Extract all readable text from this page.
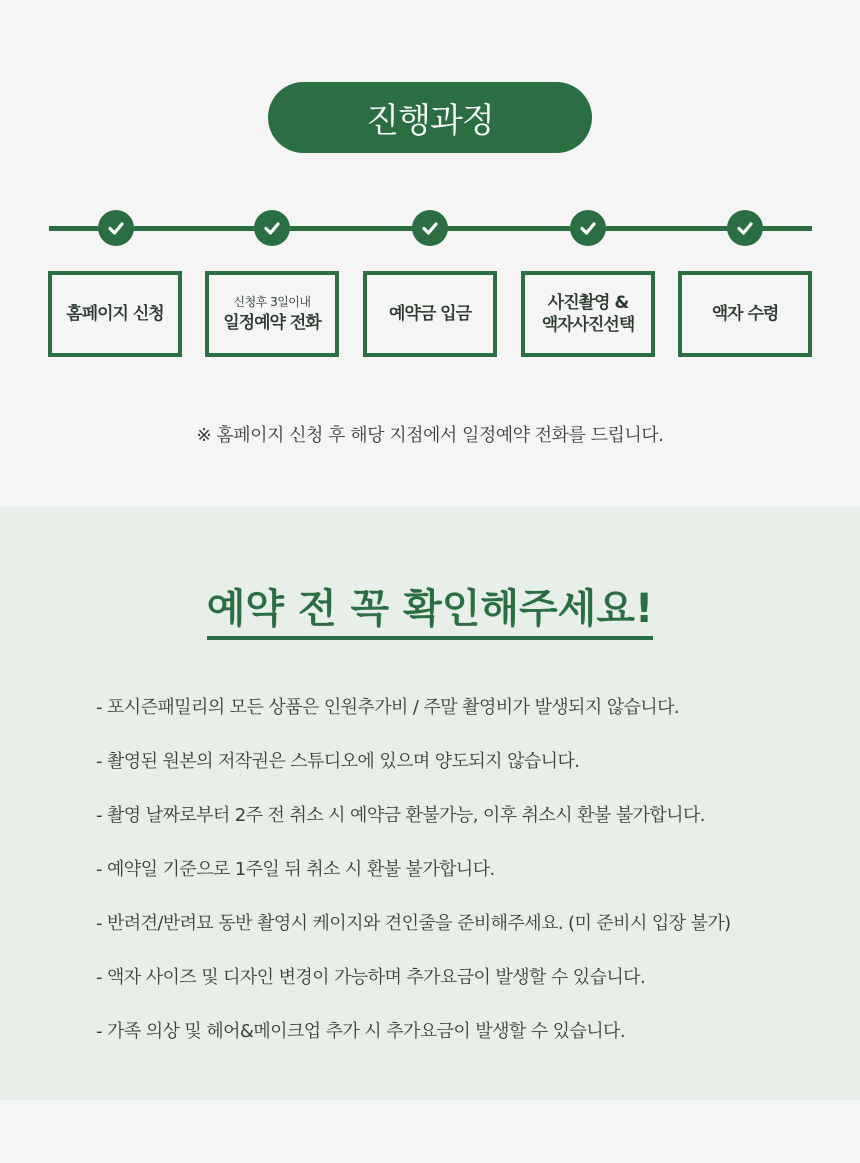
진행과정
홈페이지 신청
신청후 3일이내
일정예약 전화	예약금 입금
사진촬영 &
액자사진선택
액자 수령
※ 홈페이지 신청 후 해당 지점에서 일정예약 전화를 드립니다.
예약 전 꼭 확인해주세요!
- 포시즌패밀리의 모든 상품은 인원추가비 / 주말 촬영비가 발생되지 않습니다.
- 촬영된 원본의 저작권은 스튜디오에 있으며 양도되지 않습니다.
- 촬영 날짜로부터 2주 전 취소 시 예약금 환불가능, 이후 취소시 환불 불가합니다.
- 예약일 기준으로 1주일 뒤 취소 시 환불 불가합니다.
- 반려견/반려묘 동반 촬영시 케이지와 견인줄을 준비해주세요. (미 준비시 입장 불가)
- 액자 사이즈 및 디자인 변경이 가능하며 추가요금이 발생할 수 있습니다.
- 가족 의상 및 헤어&메이크업 추가 시 추가요금이 발생할 수 있습니다.
